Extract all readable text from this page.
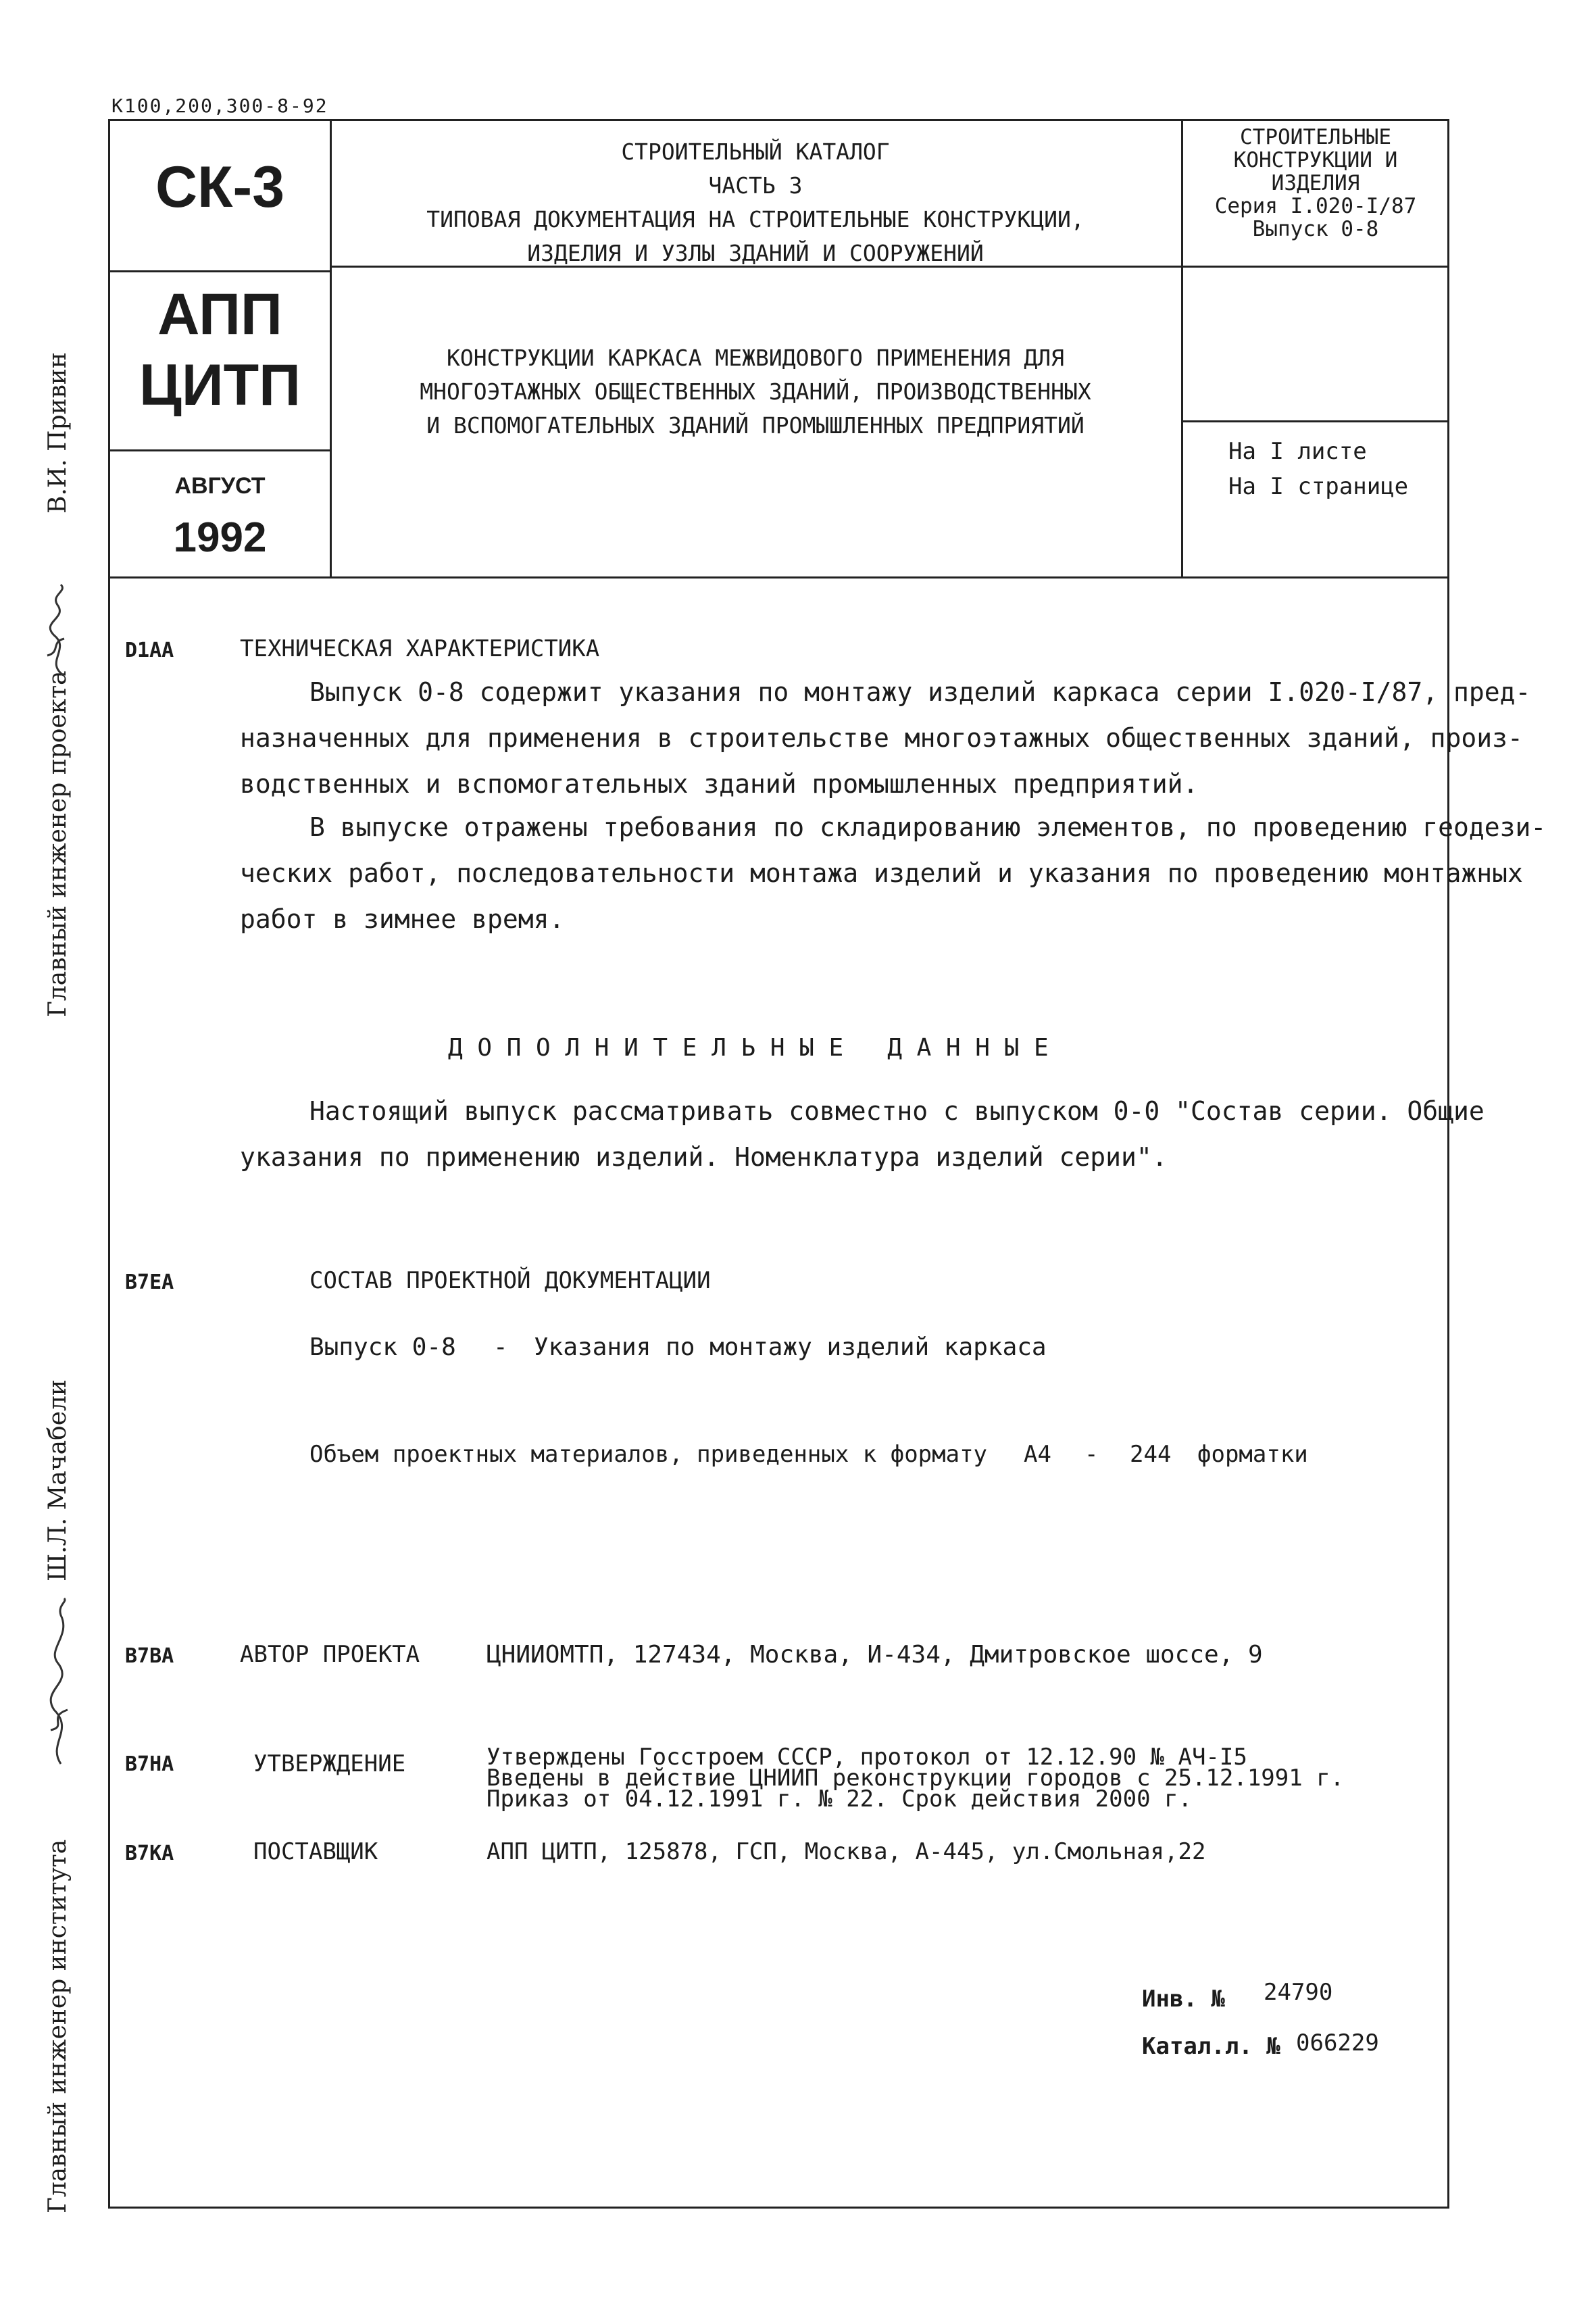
К100,200,300-8-92
СК-3
АПП
ЦИТП
АВГУСТ
1992
СТРОИТЕЛЬНЫЙ КАТАЛОГ
ЧАСТЬ 3
ТИПОВАЯ ДОКУМЕНТАЦИЯ НА СТРОИТЕЛЬНЫЕ КОНСТРУКЦИИ,
ИЗДЕЛИЯ И УЗЛЫ ЗДАНИЙ И СООРУЖЕНИЙ
СТРОИТЕЛЬНЫЕ
КОНСТРУКЦИИ И
ИЗДЕЛИЯ
Серия I.020-I/87
Выпуск 0-8
КОНСТРУКЦИИ КАРКАСА МЕЖВИДОВОГО ПРИМЕНЕНИЯ ДЛЯ
МНОГОЭТАЖНЫХ ОБЩЕСТВЕННЫХ ЗДАНИЙ, ПРОИЗВОДСТВЕННЫХ
И ВСПОМОГАТЕЛЬНЫХ ЗДАНИЙ ПРОМЫШЛЕННЫХ ПРЕДПРИЯТИЙ
На I листе
На I странице
Главный инженер проекта
В.И. Привин
Ш.Л. Мачабели
Главный инженер института
D1AA	ТЕХНИЧЕСКАЯ ХАРАКТЕРИСТИКА
Выпуск 0-8 содержит указания по монтажу изделий каркаса серии I.020-I/87, пред-
назначенных для применения в строительстве многоэтажных общественных зданий, произ-
водственных и вспомогательных зданий промышленных предприятий.
В выпуске отражены требования по складированию элементов, по проведению геодези-
ческих работ, последовательности монтажа изделий и указания по проведению монтажных
работ в зимнее время.
Д О П О Л Н И Т Е Л Ь Н Ы Е   Д А Н Н Ы Е
Настоящий выпуск рассматривать совместно с выпуском 0-0 "Состав серии. Общие
указания по применению изделий. Номенклатура изделий серии".
В7ЕА	СОСТАВ ПРОЕКТНОЙ ДОКУМЕНТАЦИИ
Выпуск 0-8 - Указания по монтажу изделий каркаса
Объем проектных материалов, приведенных к формату А4 - 244 форматки
В7ВА	АВТОР ПРОЕКТА	ЦНИИОМТП, 127434, Москва, И-434, Дмитровское шоссе, 9
В7НА	УТВЕРЖДЕНИЕ	Утверждены Госстроем СССР, протокол от 12.12.90 № АЧ-I5
Введены в действие ЦНИИП реконструкции городов с 25.12.1991 г.
Приказ от 04.12.1991 г. № 22. Срок действия 2000 г.
В7КА	ПОСТАВЩИК	АПП ЦИТП, 125878, ГСП, Москва, А-445, ул.Смольная,22
Инв. № 24790
Катал.л. № 066229
